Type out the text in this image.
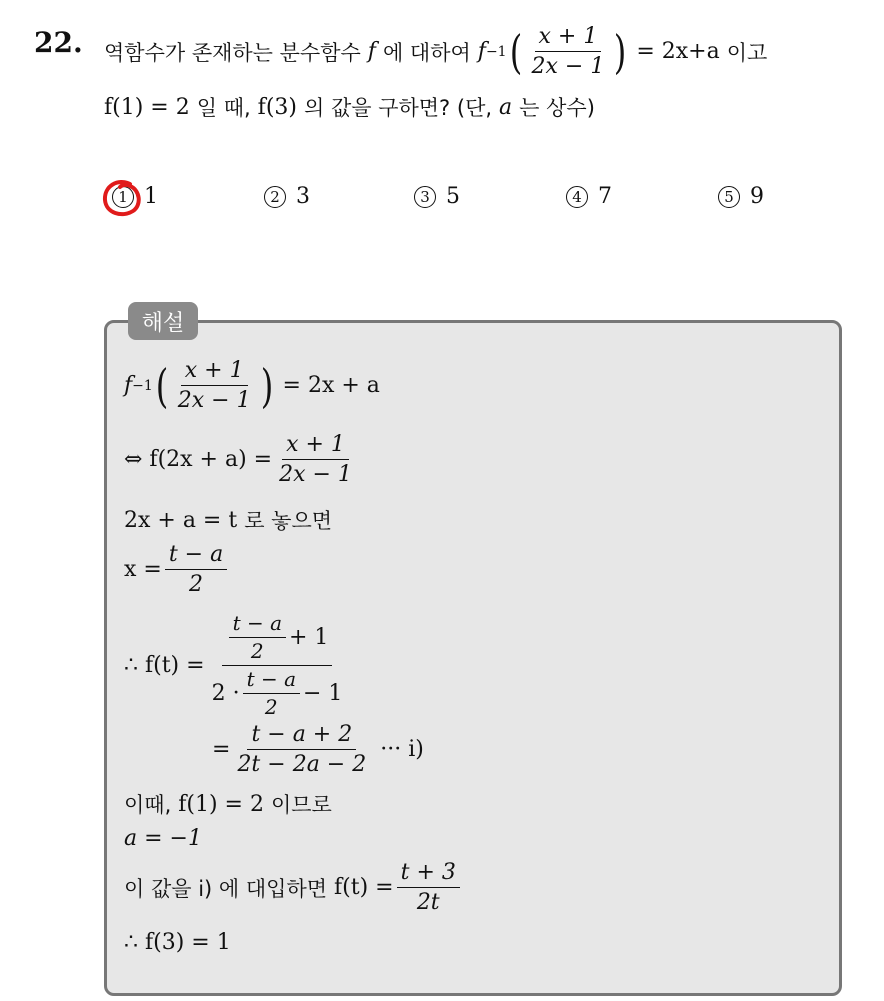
22. 역함수가 존재하는 분수함수
f
에 대하여
f −1 ( $\frac{x + 1}{2x - 1}$ )
= 2x+a
이고
f(1) = 2
일 때,
f(3)
의 값을 구하면? (단,
a
는 상수)
1 1	2 3	3 5	4 7	5 9
해설
f −1 ( $\frac{x + 1}{2x - 1}$ )
= 2x + a
⇔ $f(2x + a) = \frac{x + 1}{2x - 1}$
2x + a = t
로 놓으면
$x = \frac{t - a}{2}$
∴ $f(t) = \frac{\frac{t - a}{2} + 1}{2 \cdot \frac{t - a}{2} - 1}$
= $\frac{t - a + 2}{2t - 2a - 2}$
··· ⅰ)
이때,
f(1) = 2
이므로
a = −1
이 값을 ⅰ) 에 대입하면
$f(t) = \frac{t + 3}{2t}$
∴ f(3) = 1
